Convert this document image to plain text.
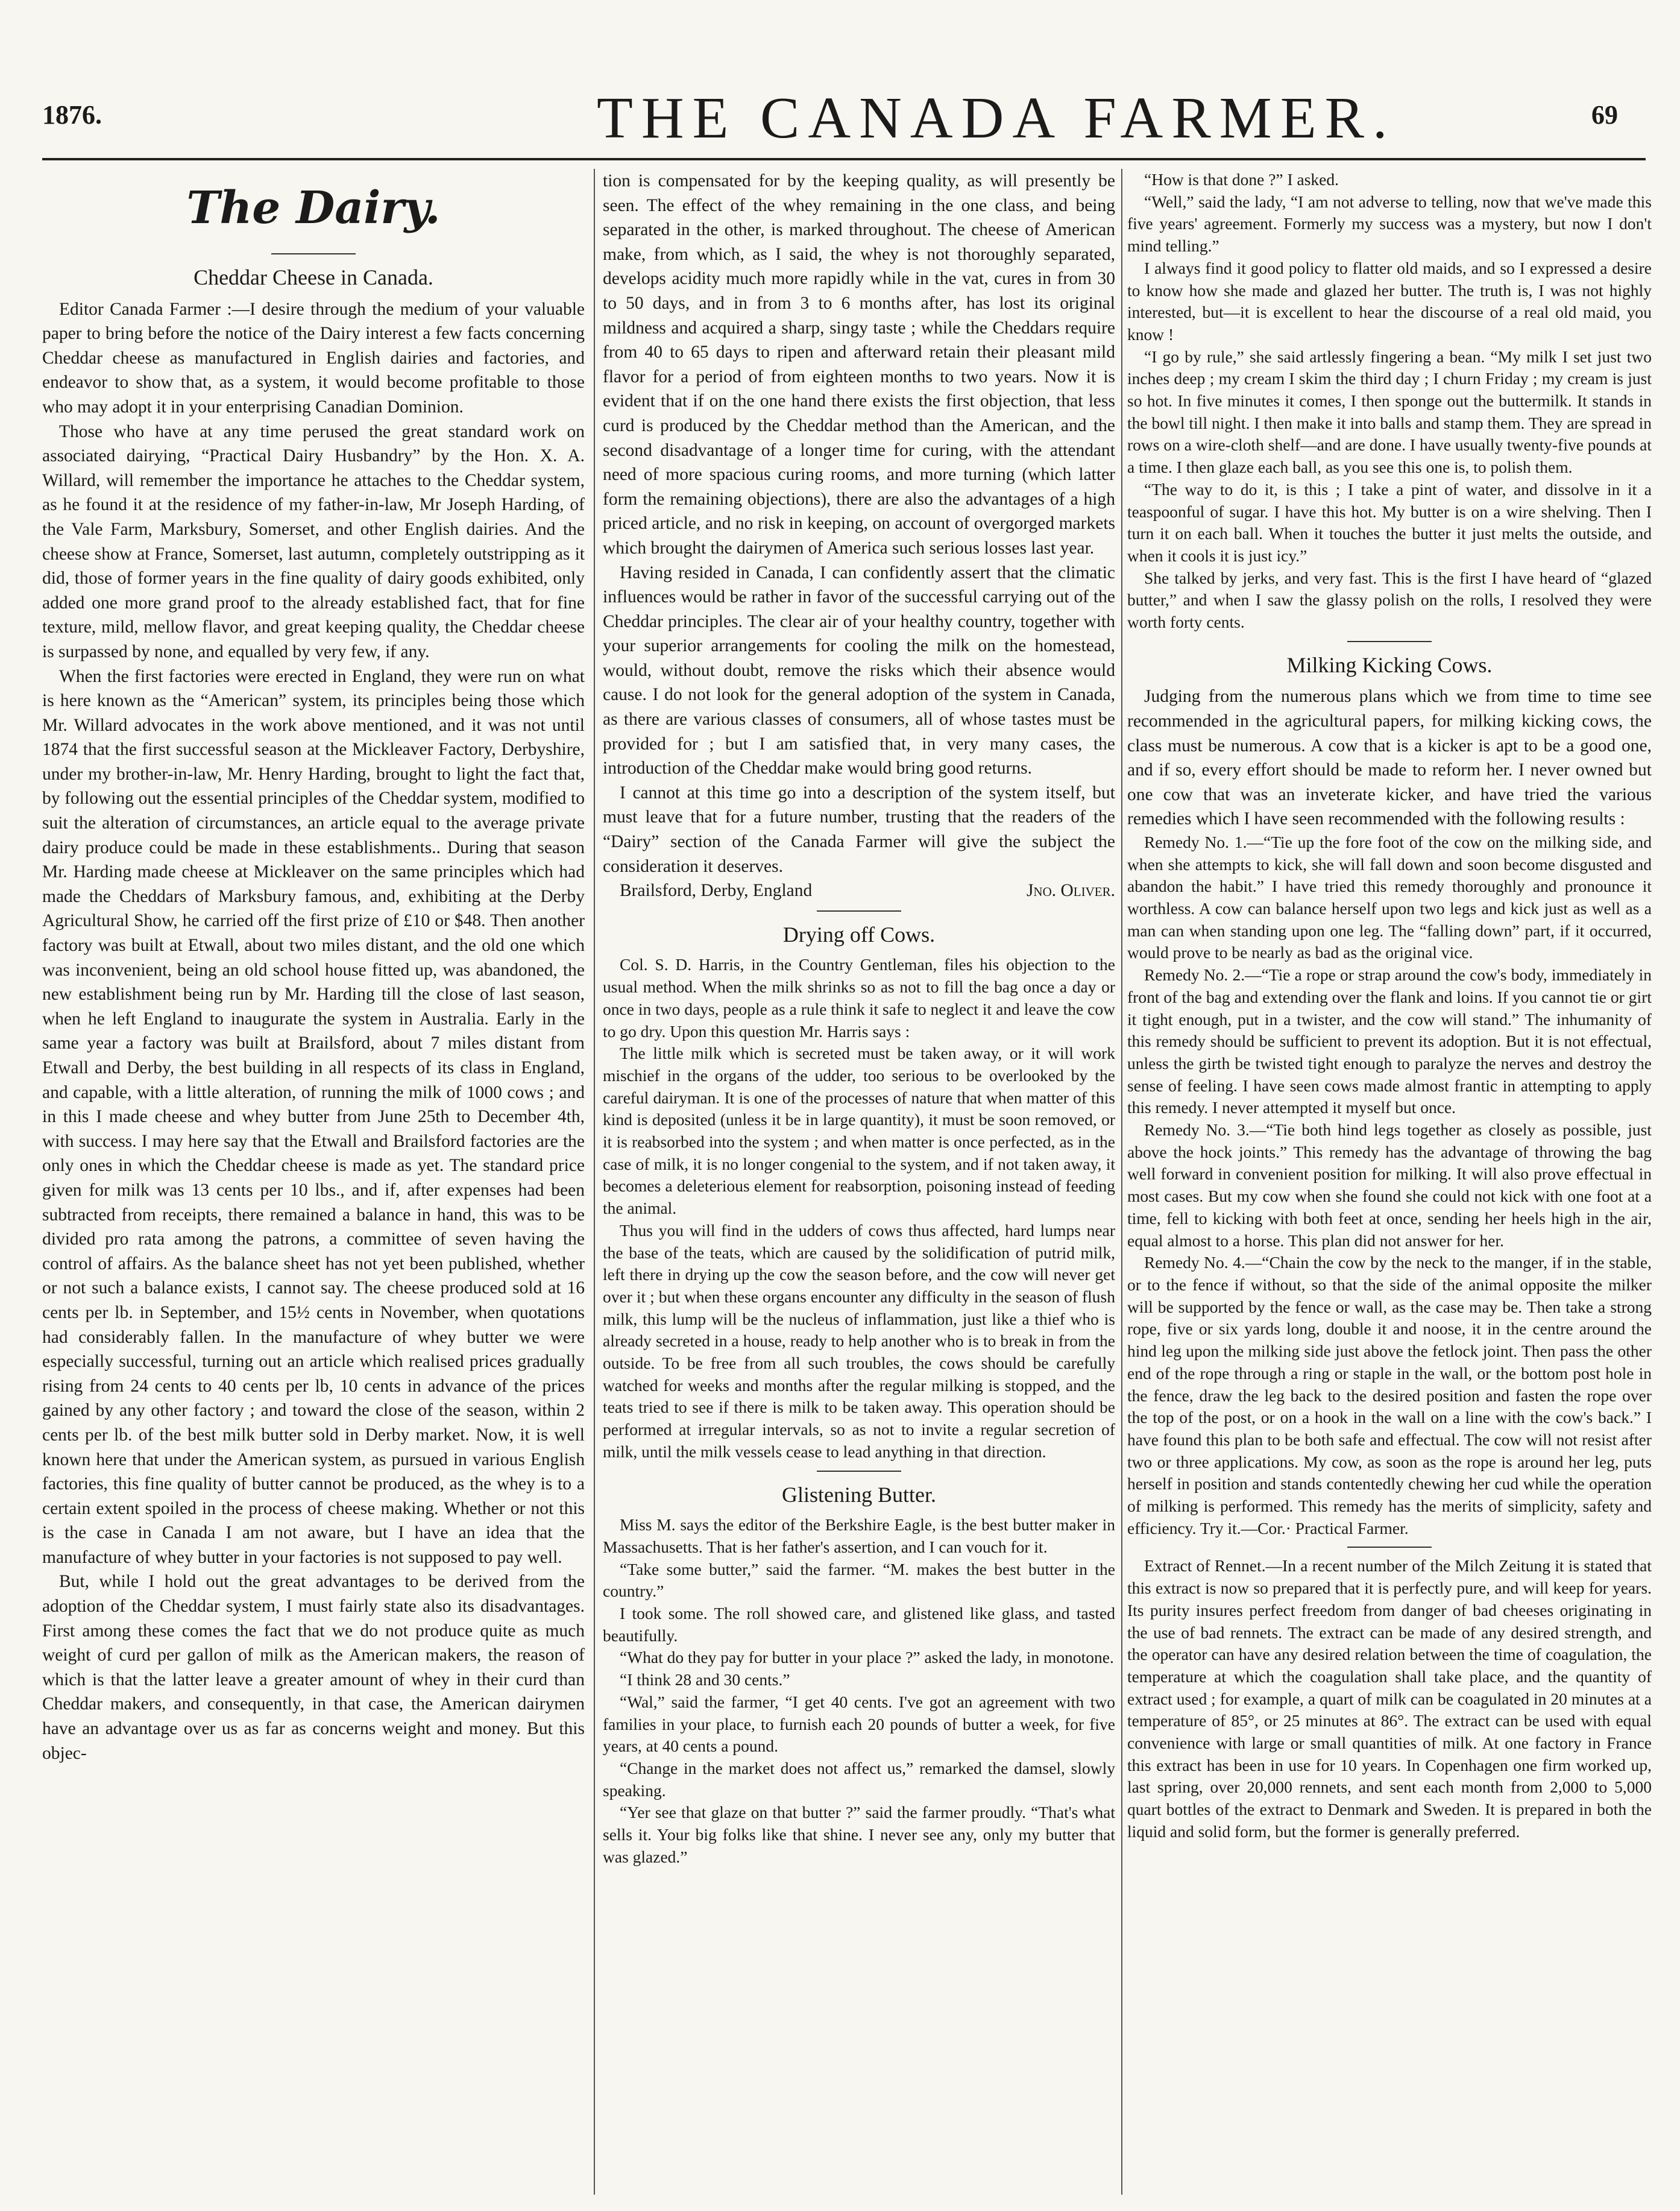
1876.	THE CANADA FARMER.	69
The Dairy.
Cheddar Cheese in Canada.

Editor Canada Farmer :—I desire through the medium of your valuable paper to bring before the notice of the Dairy interest a few facts concerning Cheddar cheese as manufactured in English dairies and factories, and endeavor to show that, as a system, it would become profitable to those who may adopt it in your enterprising Canadian Dominion.

Those who have at any time perused the great standard work on associated dairying, “Practical Dairy Husbandry” by the Hon. X. A. Willard, will remember the importance he attaches to the Cheddar system, as he found it at the residence of my father-in-law, Mr Joseph Harding, of the Vale Farm, Marksbury, Somerset, and other English dairies. And the cheese show at France, Somerset, last autumn, completely outstripping as it did, those of former years in the fine quality of dairy goods exhibited, only added one more grand proof to the already established fact, that for fine texture, mild, mellow flavor, and great keeping quality, the Cheddar cheese is surpassed by none, and equalled by very few, if any.

When the first factories were erected in England, they were run on what is here known as the “American” system, its principles being those which Mr. Willard advocates in the work above mentioned, and it was not until 1874 that the first successful season at the Mickleaver Factory, Derbyshire, under my brother-in-law, Mr. Henry Harding, brought to light the fact that, by following out the essential principles of the Cheddar system, modified to suit the alteration of circumstances, an article equal to the average private dairy produce could be made in these establishments.. During that season Mr. Harding made cheese at Mickleaver on the same principles which had made the Cheddars of Marksbury famous, and, exhibiting at the Derby Agricultural Show, he carried off the first prize of £10 or $48. Then another factory was built at Etwall, about two miles distant, and the old one which was inconvenient, being an old school house fitted up, was abandoned, the new establishment being run by Mr. Harding till the close of last season, when he left England to inaugurate the system in Australia. Early in the same year a factory was built at Brailsford, about 7 miles distant from Etwall and Derby, the best building in all respects of its class in England, and capable, with a little alteration, of running the milk of 1000 cows ; and in this I made cheese and whey butter from June 25th to December 4th, with success. I may here say that the Etwall and Brailsford factories are the only ones in which the Cheddar cheese is made as yet. The standard price given for milk was 13 cents per 10 lbs., and if, after expenses had been subtracted from receipts, there remained a balance in hand, this was to be divided pro rata among the patrons, a committee of seven having the control of affairs. As the balance sheet has not yet been published, whether or not such a balance exists, I cannot say. The cheese produced sold at 16 cents per lb. in September, and 15½ cents in November, when quotations had considerably fallen. In the manufacture of whey butter we were especially successful, turning out an article which realised prices gradually rising from 24 cents to 40 cents per lb, 10 cents in advance of the prices gained by any other factory ; and toward the close of the season, within 2 cents per lb. of the best milk butter sold in Derby market. Now, it is well known here that under the American system, as pursued in various English factories, this fine quality of butter cannot be produced, as the whey is to a certain extent spoiled in the process of cheese making. Whether or not this is the case in Canada I am not aware, but I have an idea that the manufacture of whey butter in your factories is not supposed to pay well.

But, while I hold out the great advantages to be derived from the adoption of the Cheddar system, I must fairly state also its disadvantages. First among these comes the fact that we do not produce quite as much weight of curd per gallon of milk as the American makers, the reason of which is that the latter leave a greater amount of whey in their curd than Cheddar makers, and consequently, in that case, the American dairymen have an advantage over us as far as concerns weight and money. But this objec-

tion is compensated for by the keeping quality, as will presently be seen. The effect of the whey remaining in the one class, and being separated in the other, is marked throughout. The cheese of American make, from which, as I said, the whey is not thoroughly separated, develops acidity much more rapidly while in the vat, cures in from 30 to 50 days, and in from 3 to 6 months after, has lost its original mildness and acquired a sharp, singy taste ; while the Cheddars require from 40 to 65 days to ripen and afterward retain their pleasant mild flavor for a period of from eighteen months to two years. Now it is evident that if on the one hand there exists the first objection, that less curd is produced by the Cheddar method than the American, and the second disadvantage of a longer time for curing, with the attendant need of more spacious curing rooms, and more turning (which latter form the remaining objections), there are also the advantages of a high priced article, and no risk in keeping, on account of overgorged markets which brought the dairymen of America such serious losses last year.

Having resided in Canada, I can confidently assert that the climatic influences would be rather in favor of the successful carrying out of the Cheddar principles. The clear air of your healthy country, together with your superior arrangements for cooling the milk on the homestead, would, without doubt, remove the risks which their absence would cause. I do not look for the general adoption of the system in Canada, as there are various classes of consumers, all of whose tastes must be provided for ; but I am satisfied that, in very many cases, the introduction of the Cheddar make would bring good returns.

I cannot at this time go into a description of the system itself, but must leave that for a future number, trusting that the readers of the “Dairy” section of the Canada Farmer will give the subject the consideration it deserves.

Brailsford, Derby, England	Jno. Oliver.
Drying off Cows.

Col. S. D. Harris, in the Country Gentleman, files his objection to the usual method. When the milk shrinks so as not to fill the bag once a day or once in two days, people as a rule think it safe to neglect it and leave the cow to go dry. Upon this question Mr. Harris says :

The little milk which is secreted must be taken away, or it will work mischief in the organs of the udder, too serious to be overlooked by the careful dairyman. It is one of the processes of nature that when matter of this kind is deposited (unless it be in large quantity), it must be soon removed, or it is reabsorbed into the system ; and when matter is once perfected, as in the case of milk, it is no longer congenial to the system, and if not taken away, it becomes a deleterious element for reabsorption, poisoning instead of feeding the animal.

Thus you will find in the udders of cows thus affected, hard lumps near the base of the teats, which are caused by the solidification of putrid milk, left there in drying up the cow the season before, and the cow will never get over it ; but when these organs encounter any difficulty in the season of flush milk, this lump will be the nucleus of inflammation, just like a thief who is already secreted in a house, ready to help another who is to break in from the outside. To be free from all such troubles, the cows should be carefully watched for weeks and months after the regular milking is stopped, and the teats tried to see if there is milk to be taken away. This operation should be performed at irregular intervals, so as not to invite a regular secretion of milk, until the milk vessels cease to lead anything in that direction.

Glistening Butter.

Miss M. says the editor of the Berkshire Eagle, is the best butter maker in Massachusetts. That is her father's assertion, and I can vouch for it.

“Take some butter,” said the farmer. “M. makes the best butter in the country.”

I took some. The roll showed care, and glistened like glass, and tasted beautifully.

“What do they pay for butter in your place ?” asked the lady, in monotone.

“I think 28 and 30 cents.”

“Wal,” said the farmer, “I get 40 cents. I've got an agreement with two families in your place, to furnish each 20 pounds of butter a week, for five years, at 40 cents a pound.

“Change in the market does not affect us,” remarked the damsel, slowly speaking.

“Yer see that glaze on that butter ?” said the farmer proudly. “That's what sells it. Your big folks like that shine. I never see any, only my butter that was glazed.”

“How is that done ?” I asked.

“Well,” said the lady, “I am not adverse to telling, now that we've made this five years' agreement. Formerly my success was a mystery, but now I don't mind telling.”

I always find it good policy to flatter old maids, and so I expressed a desire to know how she made and glazed her butter. The truth is, I was not highly interested, but—it is excellent to hear the discourse of a real old maid, you know !

“I go by rule,” she said artlessly fingering a bean. “My milk I set just two inches deep ; my cream I skim the third day ; I churn Friday ; my cream is just so hot. In five minutes it comes, I then sponge out the buttermilk. It stands in the bowl till night. I then make it into balls and stamp them. They are spread in rows on a wire-cloth shelf—and are done. I have usually twenty-five pounds at a time. I then glaze each ball, as you see this one is, to polish them.

“The way to do it, is this ; I take a pint of water, and dissolve in it a teaspoonful of sugar. I have this hot. My butter is on a wire shelving. Then I turn it on each ball. When it touches the butter it just melts the outside, and when it cools it is just icy.”

She talked by jerks, and very fast. This is the first I have heard of “glazed butter,” and when I saw the glassy polish on the rolls, I resolved they were worth forty cents.

Milking Kicking Cows.

Judging from the numerous plans which we from time to time see recommended in the agricultural papers, for milking kicking cows, the class must be numerous. A cow that is a kicker is apt to be a good one, and if so, every effort should be made to reform her. I never owned but one cow that was an inveterate kicker, and have tried the various remedies which I have seen recommended with the following results :

Remedy No. 1.—“Tie up the fore foot of the cow on the milking side, and when she attempts to kick, she will fall down and soon become disgusted and abandon the habit.” I have tried this remedy thoroughly and pronounce it worthless. A cow can balance herself upon two legs and kick just as well as a man can when standing upon one leg. The “falling down” part, if it occurred, would prove to be nearly as bad as the original vice.

Remedy No. 2.—“Tie a rope or strap around the cow's body, immediately in front of the bag and extending over the flank and loins. If you cannot tie or girt it tight enough, put in a twister, and the cow will stand.” The inhumanity of this remedy should be sufficient to prevent its adoption. But it is not effectual, unless the girth be twisted tight enough to paralyze the nerves and destroy the sense of feeling. I have seen cows made almost frantic in attempting to apply this remedy. I never attempted it myself but once.

Remedy No. 3.—“Tie both hind legs together as closely as possible, just above the hock joints.” This remedy has the advantage of throwing the bag well forward in convenient position for milking. It will also prove effectual in most cases. But my cow when she found she could not kick with one foot at a time, fell to kicking with both feet at once, sending her heels high in the air, equal almost to a horse. This plan did not answer for her.

Remedy No. 4.—“Chain the cow by the neck to the manger, if in the stable, or to the fence if without, so that the side of the animal opposite the milker will be supported by the fence or wall, as the case may be. Then take a strong rope, five or six yards long, double it and noose, it in the centre around the hind leg upon the milking side just above the fetlock joint. Then pass the other end of the rope through a ring or staple in the wall, or the bottom post hole in the fence, draw the leg back to the desired position and fasten the rope over the top of the post, or on a hook in the wall on a line with the cow's back.” I have found this plan to be both safe and effectual. The cow will not resist after two or three applications. My cow, as soon as the rope is around her leg, puts herself in position and stands contentedly chewing her cud while the operation of milking is performed. This remedy has the merits of simplicity, safety and efficiency. Try it.—Cor.· Practical Farmer.

Extract of Rennet.—In a recent number of the Milch Zeitung it is stated that this extract is now so prepared that it is perfectly pure, and will keep for years. Its purity insures perfect freedom from danger of bad cheeses originating in the use of bad rennets. The extract can be made of any desired strength, and the operator can have any desired relation between the time of coagulation, the temperature at which the coagulation shall take place, and the quantity of extract used ; for example, a quart of milk can be coagulated in 20 minutes at a temperature of 85°, or 25 minutes at 86°. The extract can be used with equal convenience with large or small quantities of milk. At one factory in France this extract has been in use for 10 years. In Copenhagen one firm worked up, last spring, over 20,000 rennets, and sent each month from 2,000 to 5,000 quart bottles of the extract to Denmark and Sweden. It is prepared in both the liquid and solid form, but the former is generally preferred.
